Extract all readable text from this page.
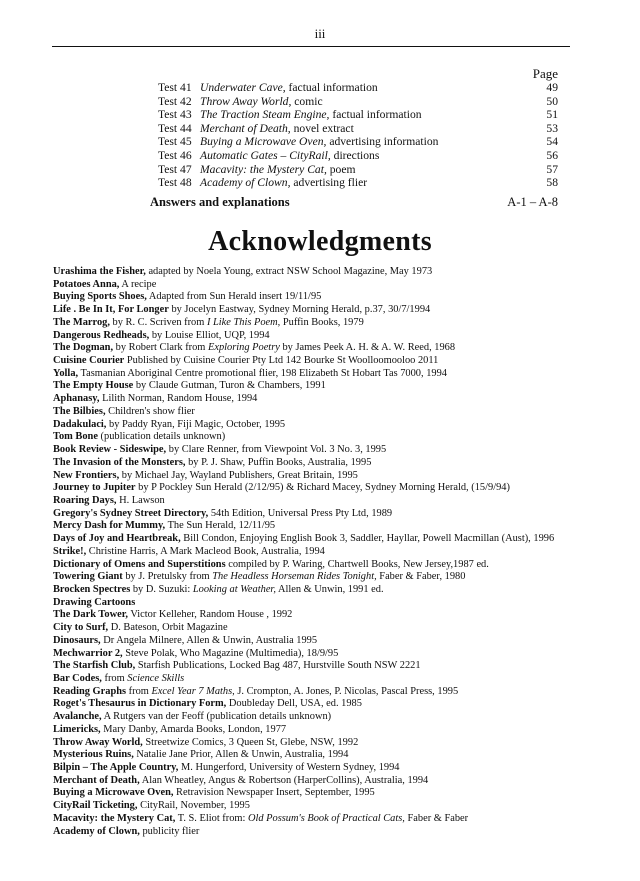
iii
Page
Test 41 Underwater Cave, factual information	49
Test 42 Throw Away World, comic	50
Test 43 The Traction Steam Engine, factual information	51
Test 44 Merchant of Death, novel extract	53
Test 45 Buying a Microwave Oven, advertising information	54
Test 46 Automatic Gates – CityRail, directions	56
Test 47 Macavity: the Mystery Cat, poem	57
Test 48 Academy of Clown, advertising flier	58
Answers and explanations	A-1 – A-8
Acknowledgments
Urashima the Fisher, adapted by Noela Young, extract NSW School Magazine, May 1973
Potatoes Anna, A recipe
Buying Sports Shoes, Adapted from Sun Herald insert 19/11/95
Life . Be In It, For Longer by Jocelyn Eastway, Sydney Morning Herald, p.37, 30/7/1994
The Marrog, by R. C. Scriven from I Like This Poem, Puffin Books, 1979
Dangerous Redheads, by Louise Elliot, UQP, 1994
The Dogman, by Robert Clark from Exploring Poetry by James Peek A. H. & A. W. Reed, 1968
Cuisine Courier Published by Cuisine Courier Pty Ltd 142 Bourke St Woolloomooloo 2011
Yolla, Tasmanian Aboriginal Centre promotional flier, 198 Elizabeth St Hobart Tas 7000, 1994
The Empty House by Claude Gutman, Turon & Chambers, 1991
Aphanasy, Lilith Norman, Random House, 1994
The Bilbies, Children's show flier
Dadakulaci, by Paddy Ryan, Fiji Magic, October, 1995
Tom Bone (publication details unknown)
Book Review - Sideswipe, by Clare Renner, from Viewpoint Vol. 3 No. 3, 1995
The Invasion of the Monsters, by P. J. Shaw, Puffin Books, Australia, 1995
New Frontiers, by Michael Jay, Wayland Publishers, Great Britain, 1995
Journey to Jupiter by P Pockley Sun Herald (2/12/95) & Richard Macey, Sydney Morning Herald, (15/9/94)
Roaring Days, H. Lawson
Gregory's Sydney Street Directory, 54th Edition, Universal Press Pty Ltd, 1989
Mercy Dash for Mummy, The Sun Herald, 12/11/95
Days of Joy and Heartbreak, Bill Condon, Enjoying English Book 3, Saddler, Hayllar, Powell Macmillan (Aust), 1996
Strike!, Christine Harris, A Mark Macleod Book, Australia, 1994
Dictionary of Omens and Superstitions compiled by P. Waring, Chartwell Books, New Jersey,1987 ed.
Towering Giant by J. Pretulsky from The Headless Horseman Rides Tonight, Faber & Faber, 1980
Brocken Spectres by D. Suzuki: Looking at Weather, Allen & Unwin, 1991 ed.
Drawing Cartoons
The Dark Tower, Victor Kelleher, Random House , 1992
City to Surf, D. Bateson, Orbit Magazine
Dinosaurs, Dr Angela Milnere, Allen & Unwin, Australia 1995
Mechwarrior 2, Steve Polak, Who Magazine (Multimedia), 18/9/95
The Starfish Club, Starfish Publications, Locked Bag 487, Hurstville South NSW 2221
Bar Codes, from Science Skills
Reading Graphs from Excel Year 7 Maths, J. Crompton, A. Jones, P. Nicolas, Pascal Press, 1995
Roget's Thesaurus in Dictionary Form, Doubleday Dell, USA, ed. 1985
Avalanche, A Rutgers van der Feoff (publication details unknown)
Limericks, Mary Danby, Amarda Books, London, 1977
Throw Away World, Streetwize Comics, 3 Queen St, Glebe, NSW, 1992
Mysterious Ruins, Natalie Jane Prior, Allen & Unwin, Australia, 1994
Bilpin – The Apple Country, M. Hungerford, University of Western Sydney, 1994
Merchant of Death, Alan Wheatley, Angus & Robertson (HarperCollins), Australia, 1994
Buying a Microwave Oven, Retravision Newspaper Insert, September, 1995
CityRail Ticketing, CityRail, November, 1995
Macavity: the Mystery Cat, T. S. Eliot from: Old Possum's Book of Practical Cats, Faber & Faber
Academy of Clown, publicity flier
